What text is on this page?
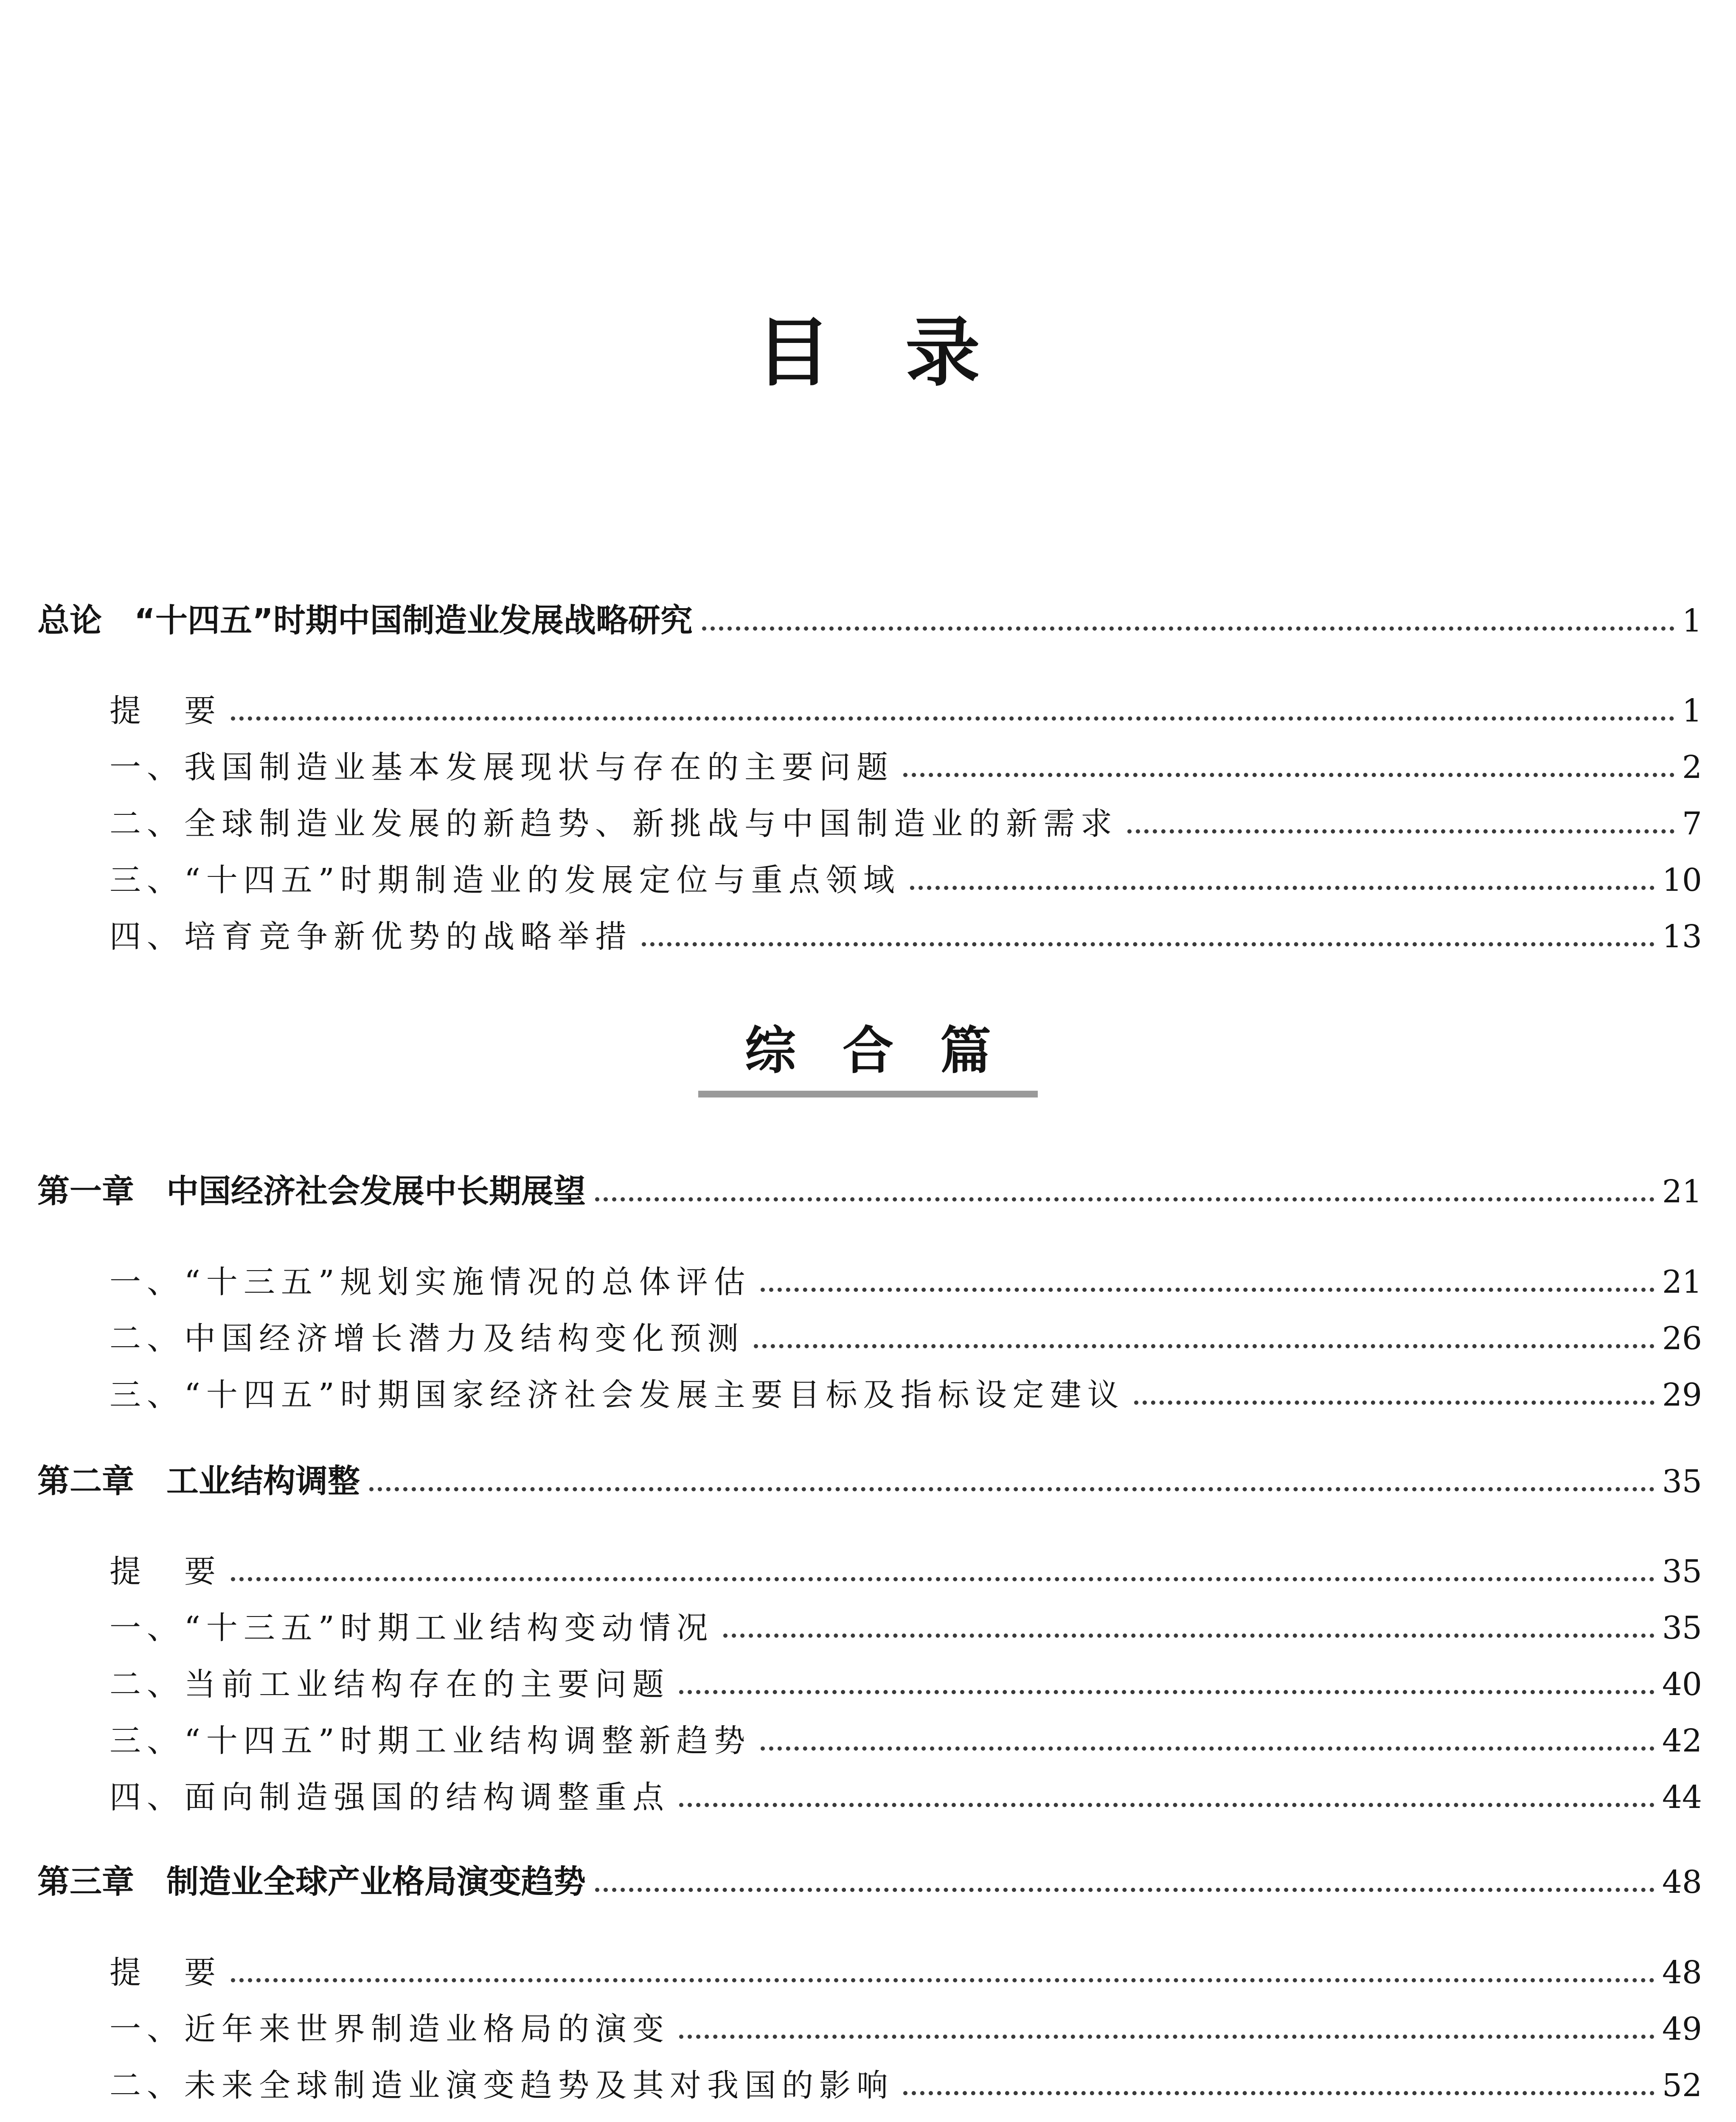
目　录
综合篇
总论　“十四五”时期中国制造业发展战略研究	1
提　要	1
一、我国制造业基本发展现状与存在的主要问题	2
二、全球制造业发展的新趋势、新挑战与中国制造业的新需求	7
三、“十四五”时期制造业的发展定位与重点领域	10
四、培育竞争新优势的战略举措	13
第一章　中国经济社会发展中长期展望	21
一、“十三五”规划实施情况的总体评估	21
二、中国经济增长潜力及结构变化预测	26
三、“十四五”时期国家经济社会发展主要目标及指标设定建议	29
第二章　工业结构调整	35
提　要	35
一、“十三五”时期工业结构变动情况	35
二、当前工业结构存在的主要问题	40
三、“十四五”时期工业结构调整新趋势	42
四、面向制造强国的结构调整重点	44
第三章　制造业全球产业格局演变趋势	48
提　要	48
一、近年来世界制造业格局的演变	49
二、未来全球制造业演变趋势及其对我国的影响	52
